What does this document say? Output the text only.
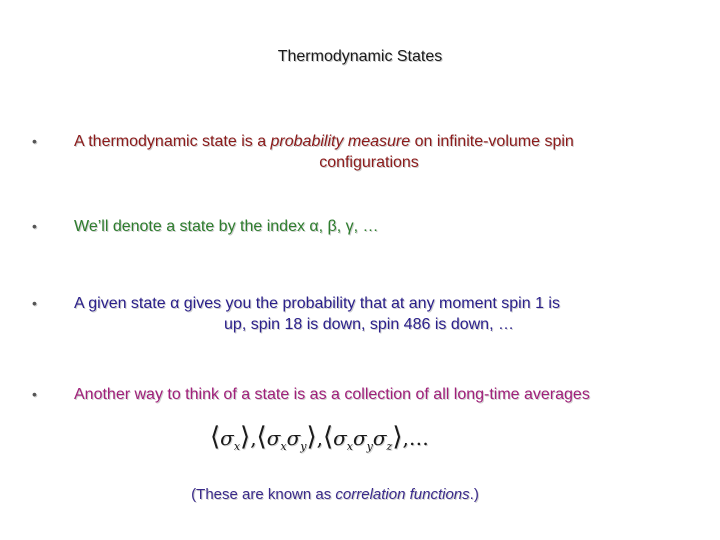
Thermodynamic States
• A thermodynamic state is a probability measure on infinite-volume spin
configurations
• We’ll denote a state by the index α, β, γ, …
• A given state α gives you the probability that at any moment spin 1 is
up, spin 18 is down, spin 486 is down, …
• Another way to think of a state is as a collection of all long-time averages
$⟨\sigma_x⟩,⟨\sigma_x\sigma_y⟩,⟨\sigma_x\sigma_y\sigma_z⟩,\dots$
(These are known as correlation functions.)
